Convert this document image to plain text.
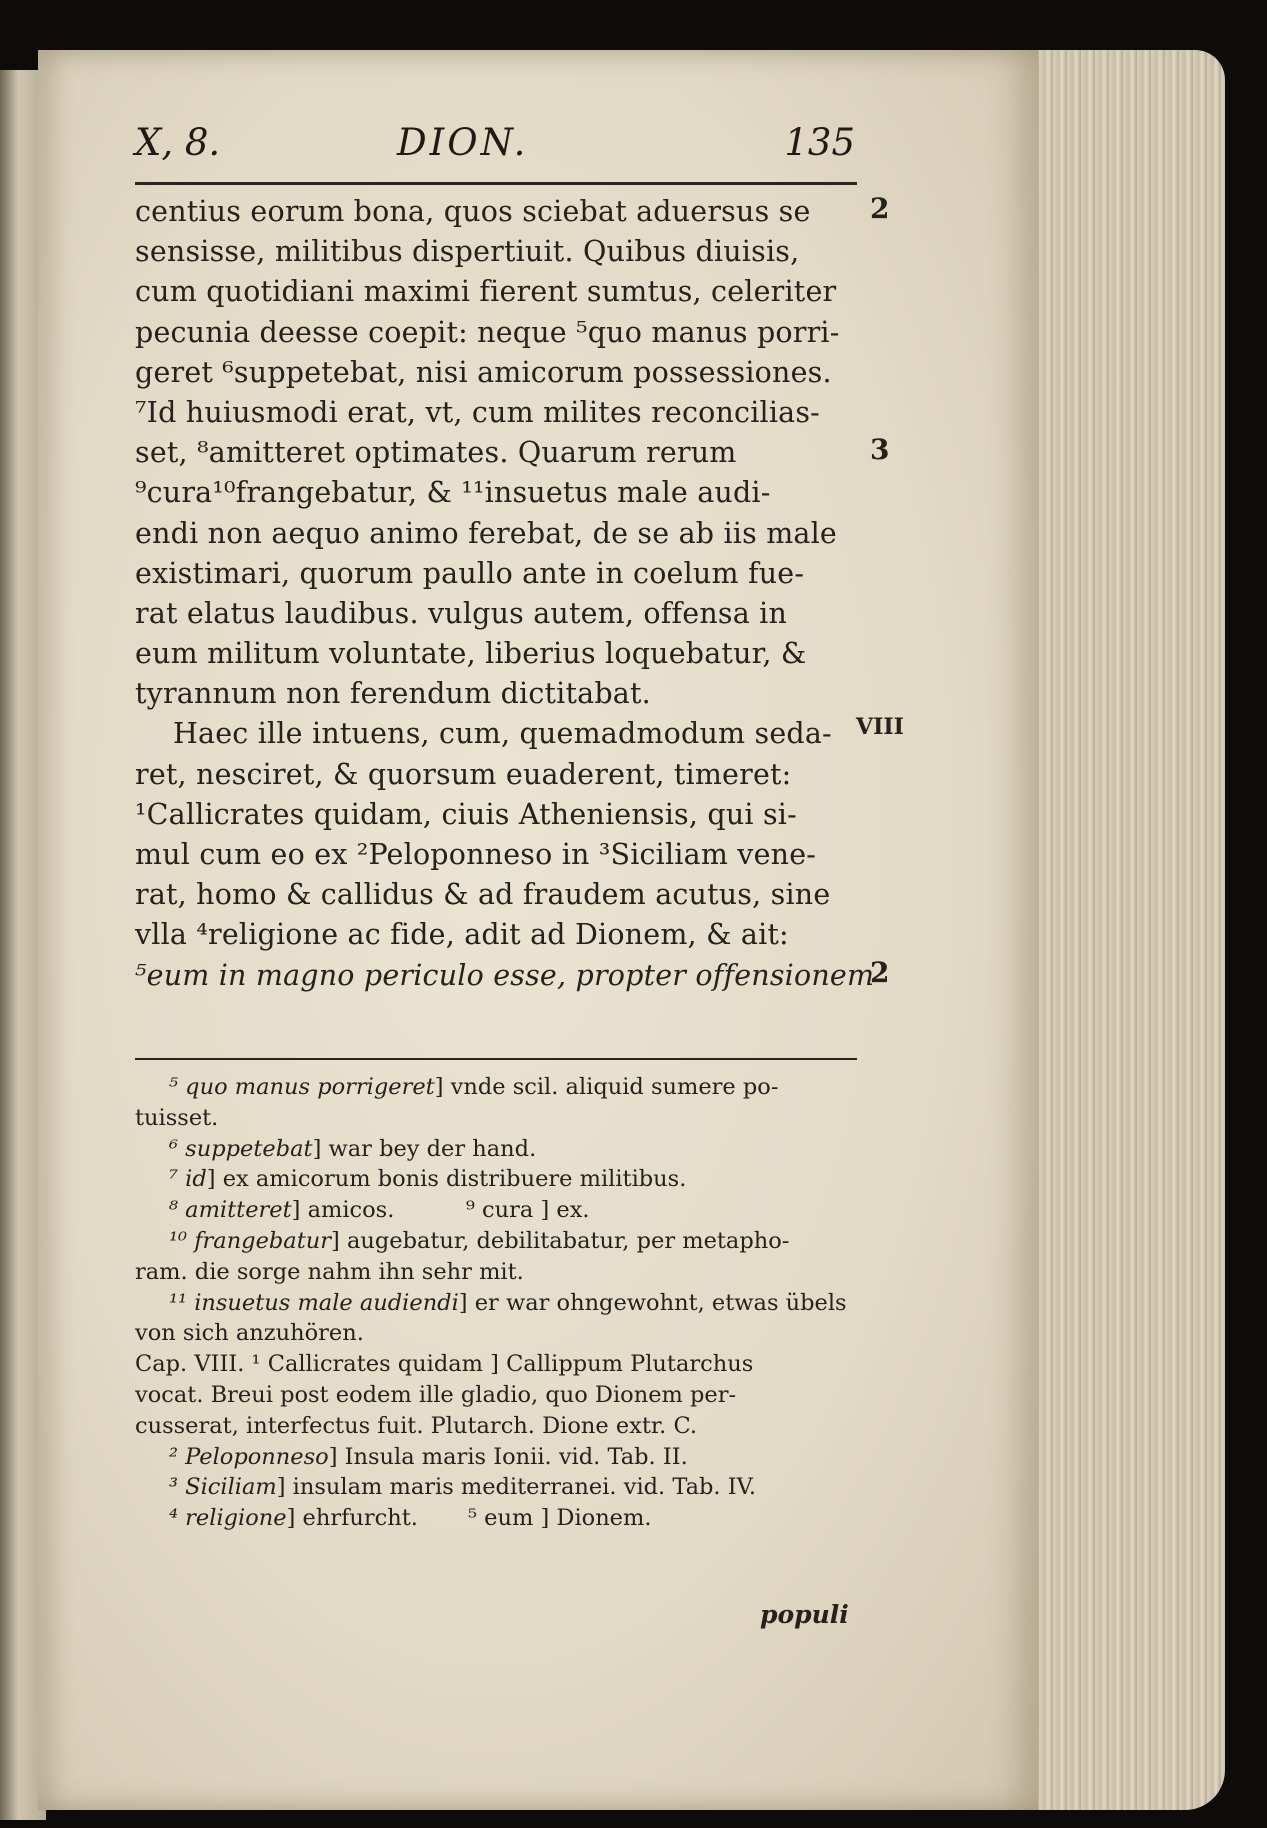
X, 8.	DION.	135
centius eorum bona, quos sciebat aduersus se
sensisse, militibus dispertiuit. Quibus diuisis,
cum quotidiani maximi fierent sumtus, celeriter
pecunia deesse coepit: neque ⁵quo manus porri-
geret ⁶suppetebat, nisi amicorum possessiones.
⁷Id huiusmodi erat, vt, cum milites reconcilias-
set, ⁸amitteret optimates. Quarum rerum
⁹cura¹⁰frangebatur, & ¹¹insuetus male audi-
endi non aequo animo ferebat, de se ab iis male
existimari, quorum paullo ante in coelum fue-
rat elatus laudibus. vulgus autem, offensa in
eum militum voluntate, liberius loquebatur, &
tyrannum non ferendum dictitabat.
Haec ille intuens, cum, quemadmodum seda-
ret, nesciret, & quorsum euaderent, timeret:
¹Callicrates quidam, ciuis Atheniensis, qui si-
mul cum eo ex ²Peloponneso in ³Siciliam vene-
rat, homo & callidus & ad fraudem acutus, sine
vlla ⁴religione ac fide, adit ad Dionem, & ait:
⁵eum in magno periculo esse, propter offensionem
2
3
VIII
2
⁵ quo manus porrigeret] vnde scil. aliquid sumere po-
tuisset.
⁶ suppetebat] war bey der hand.
⁷ id] ex amicorum bonis distribuere militibus.
⁸ amitteret] amicos.          ⁹ cura ] ex.
¹⁰ frangebatur] augebatur, debilitabatur, per metapho-
ram. die sorge nahm ihn sehr mit.
¹¹ insuetus male audiendi] er war ohngewohnt, etwas übels
von sich anzuhören.
Cap. VIII. ¹ Callicrates quidam ] Callippum Plutarchus
vocat. Breui post eodem ille gladio, quo Dionem per-
cusserat, interfectus fuit. Plutarch. Dione extr. C.
² Peloponneso] Insula maris Ionii. vid. Tab. II.
³ Siciliam] insulam maris mediterranei. vid. Tab. IV.
⁴ religione] ehrfurcht.       ⁵ eum ] Dionem.
populi
